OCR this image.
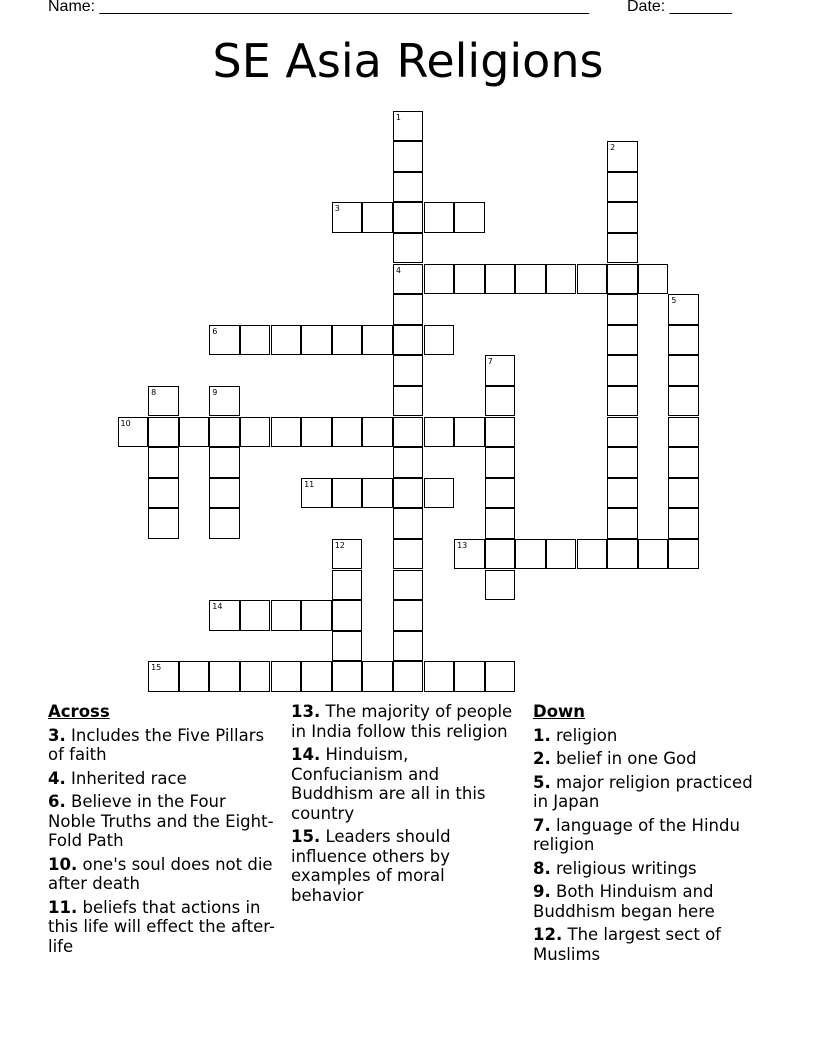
Name: _______________________________________________________ Date: _______
SE Asia Religions
3
4
6
10
11
13
14
15
1
2
5
7
8	9
12
Across
3. Includes the Five Pillars of faith
4. Inherited race
6. Believe in the Four Noble Truths and the Eight-Fold Path
10. one's soul does not die after death
11. beliefs that actions in this life will effect the after-life
13. The majority of people in India follow this religion
14. Hinduism, Confucianism and Buddhism are all in this country
15. Leaders should influence others by examples of moral behavior
Down
1. religion
2. belief in one God
5. major religion practiced in Japan
7. language of the Hindu religion
8. religious writings
9. Both Hinduism and Buddhism began here
12. The largest sect of Muslims
